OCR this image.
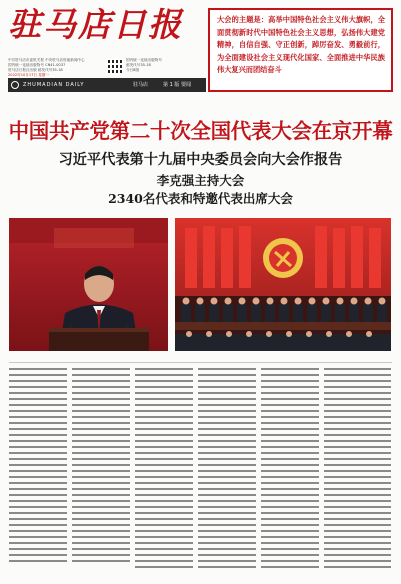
驻马店日报
中共驻马店市委机关报 中央驻马店驻地新闻中心
国内统一连续出版物号 CN41-0037
驻马店日报社出版 邮发代号35-18
2022年10月17日 星期一
国内统一连续出版物号
邮发代号35-18
今日8版
ZHUMADIAN DAILY	驻马店	第 1 版 要闻
大会的主题是：高举中国特色社会主义伟大旗帜，全面贯彻新时代中国特色社会主义思想，弘扬伟大建党精神，自信自强、守正创新，踔厉奋发、勇毅前行，为全面建设社会主义现代化国家、全面推进中华民族伟大复兴而团结奋斗
中国共产党第二十次全国代表大会在京开幕
习近平代表第十九届中央委员会向大会作报告
李克强主持大会
2340名代表和特邀代表出席大会
